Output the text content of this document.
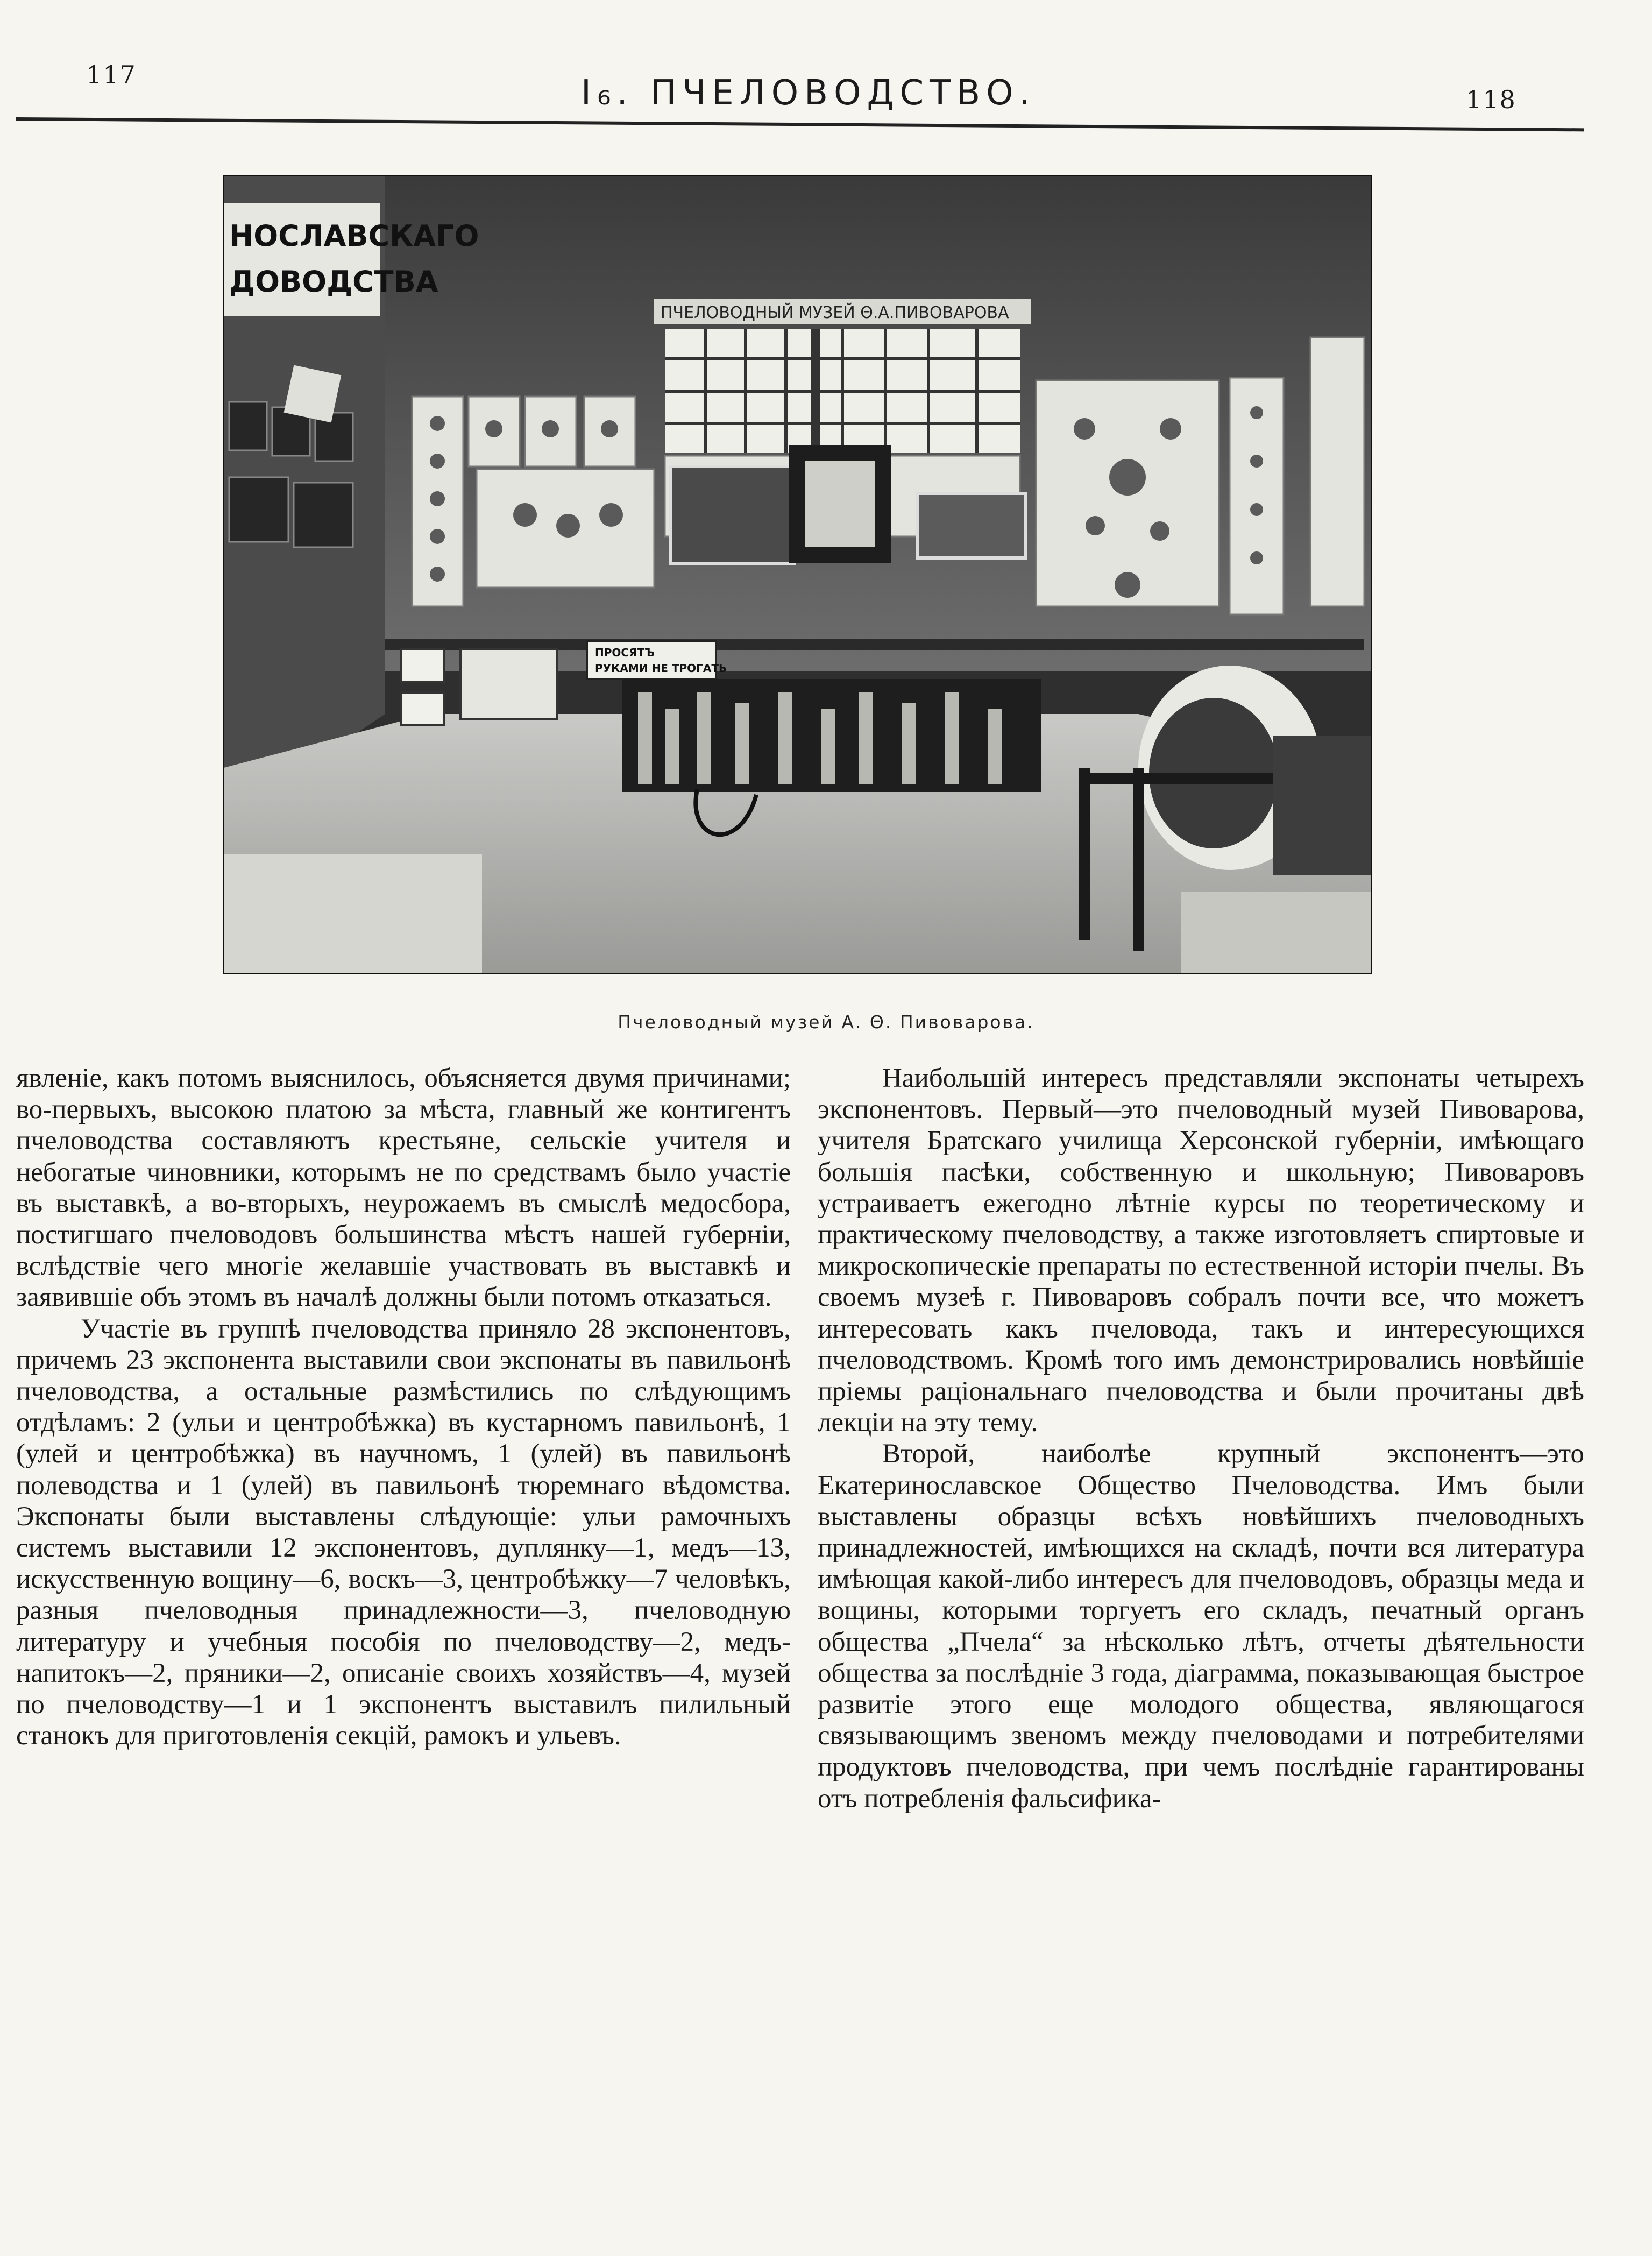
117	I₆. ПЧЕЛОВОДСТВО.	118
НОСЛАВСКАГО
ДОВОДСТВА
ПЧЕЛОВОДНЫЙ МУЗЕЙ Θ.А.ПИВОВАРОВА
ПРОСЯТЪ
РУКАМИ НЕ ТРОГАТЬ
Пчеловодный музей А. Θ. Пивоварова.

явленіе, какъ потомъ выяснилось, объясняется двумя причинами; во-первыхъ, высокою платою за мѣста, главный же контигентъ пчеловодства составляютъ крестьяне, сельскіе учителя и небогатые чиновники, которымъ не по средствамъ было участіе въ выставкѣ, а во-вторыхъ, неурожаемъ въ смыслѣ медосбора, постигшаго пчеловодовъ большинства мѣстъ нашей губерніи, вслѣдствіе чего многіе желавшіе участвовать въ выставкѣ и заявившіе объ этомъ въ началѣ должны были потомъ отказаться.

Участіе въ группѣ пчеловодства приняло 28 экспонентовъ, причемъ 23 экспонента выставили свои экспонаты въ павильонѣ пчеловодства, а остальные размѣстились по слѣдующимъ отдѣламъ: 2 (ульи и центробѣжка) въ кустарномъ павильонѣ, 1 (улей и центробѣжка) въ научномъ, 1 (улей) въ павильонѣ полеводства и 1 (улей) въ павильонѣ тюремнаго вѣдомства. Экспонаты были выставлены слѣдующіе: ульи рамочныхъ системъ выставили 12 экспонентовъ, дуплянку—1, медъ—13, искусственную вощину—6, воскъ—3, центробѣжку—7 человѣкъ, разныя пчеловодныя принадлежности—3, пчеловодную литературу и учебныя пособія по пчеловодству—2, медъ-напитокъ—2, пряники—2, описаніе своихъ хозяйствъ—4, музей по пчеловодству—1 и 1 экспонентъ выставилъ пилильный станокъ для приготовленія секцій, рамокъ и ульевъ.

Наибольшій интересъ представляли экспонаты четырехъ экспонентовъ. Первый—это пчеловодный музей Пивоварова, учителя Братскаго училища Херсонской губерніи, имѣющаго большія пасѣки, собственную и школьную; Пивоваровъ устраиваетъ ежегодно лѣтніе курсы по теоретическому и практическому пчеловодству, а также изготовляетъ спиртовые и микроскопическіе препараты по естественной исторіи пчелы. Въ своемъ музеѣ г. Пивоваровъ собралъ почти все, что можетъ интересовать какъ пчеловода, такъ и интересующихся пчеловодствомъ. Кромѣ того имъ демонстрировались новѣйшіе пріемы раціональнаго пчеловодства и были прочитаны двѣ лекціи на эту тему.

Второй, наиболѣе крупный экспонентъ—это Екатеринославское Общество Пчеловодства. Имъ были выставлены образцы всѣхъ новѣйшихъ пчеловодныхъ принадлежностей, имѣющихся на складѣ, почти вся литература имѣющая какой-либо интересъ для пчеловодовъ, образцы меда и вощины, которыми торгуетъ его складъ, печатный органъ общества „Пчела“ за нѣсколько лѣтъ, отчеты дѣятельности общества за послѣдніе 3 года, діаграмма, показывающая быстрое развитіе этого еще молодого общества, являющагося связывающимъ звеномъ между пчеловодами и потребителями продуктовъ пчеловодства, при чемъ послѣдніе гарантированы отъ потребленія фальсифика-
